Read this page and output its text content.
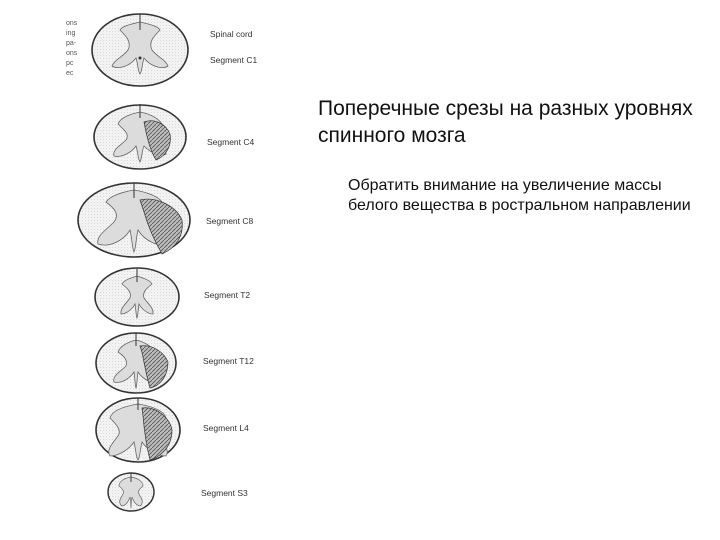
ons
ing
pa-
ons
pc
ec
Spinal cord
Segment C1
Segment C4
Segment C8
Segment T2
Segment T12
Segment L4
Segment S3
Поперечные срезы на разных уровнях спинного мозга

Обратить внимание на увеличение массы белого вещества в ростральном направлении
